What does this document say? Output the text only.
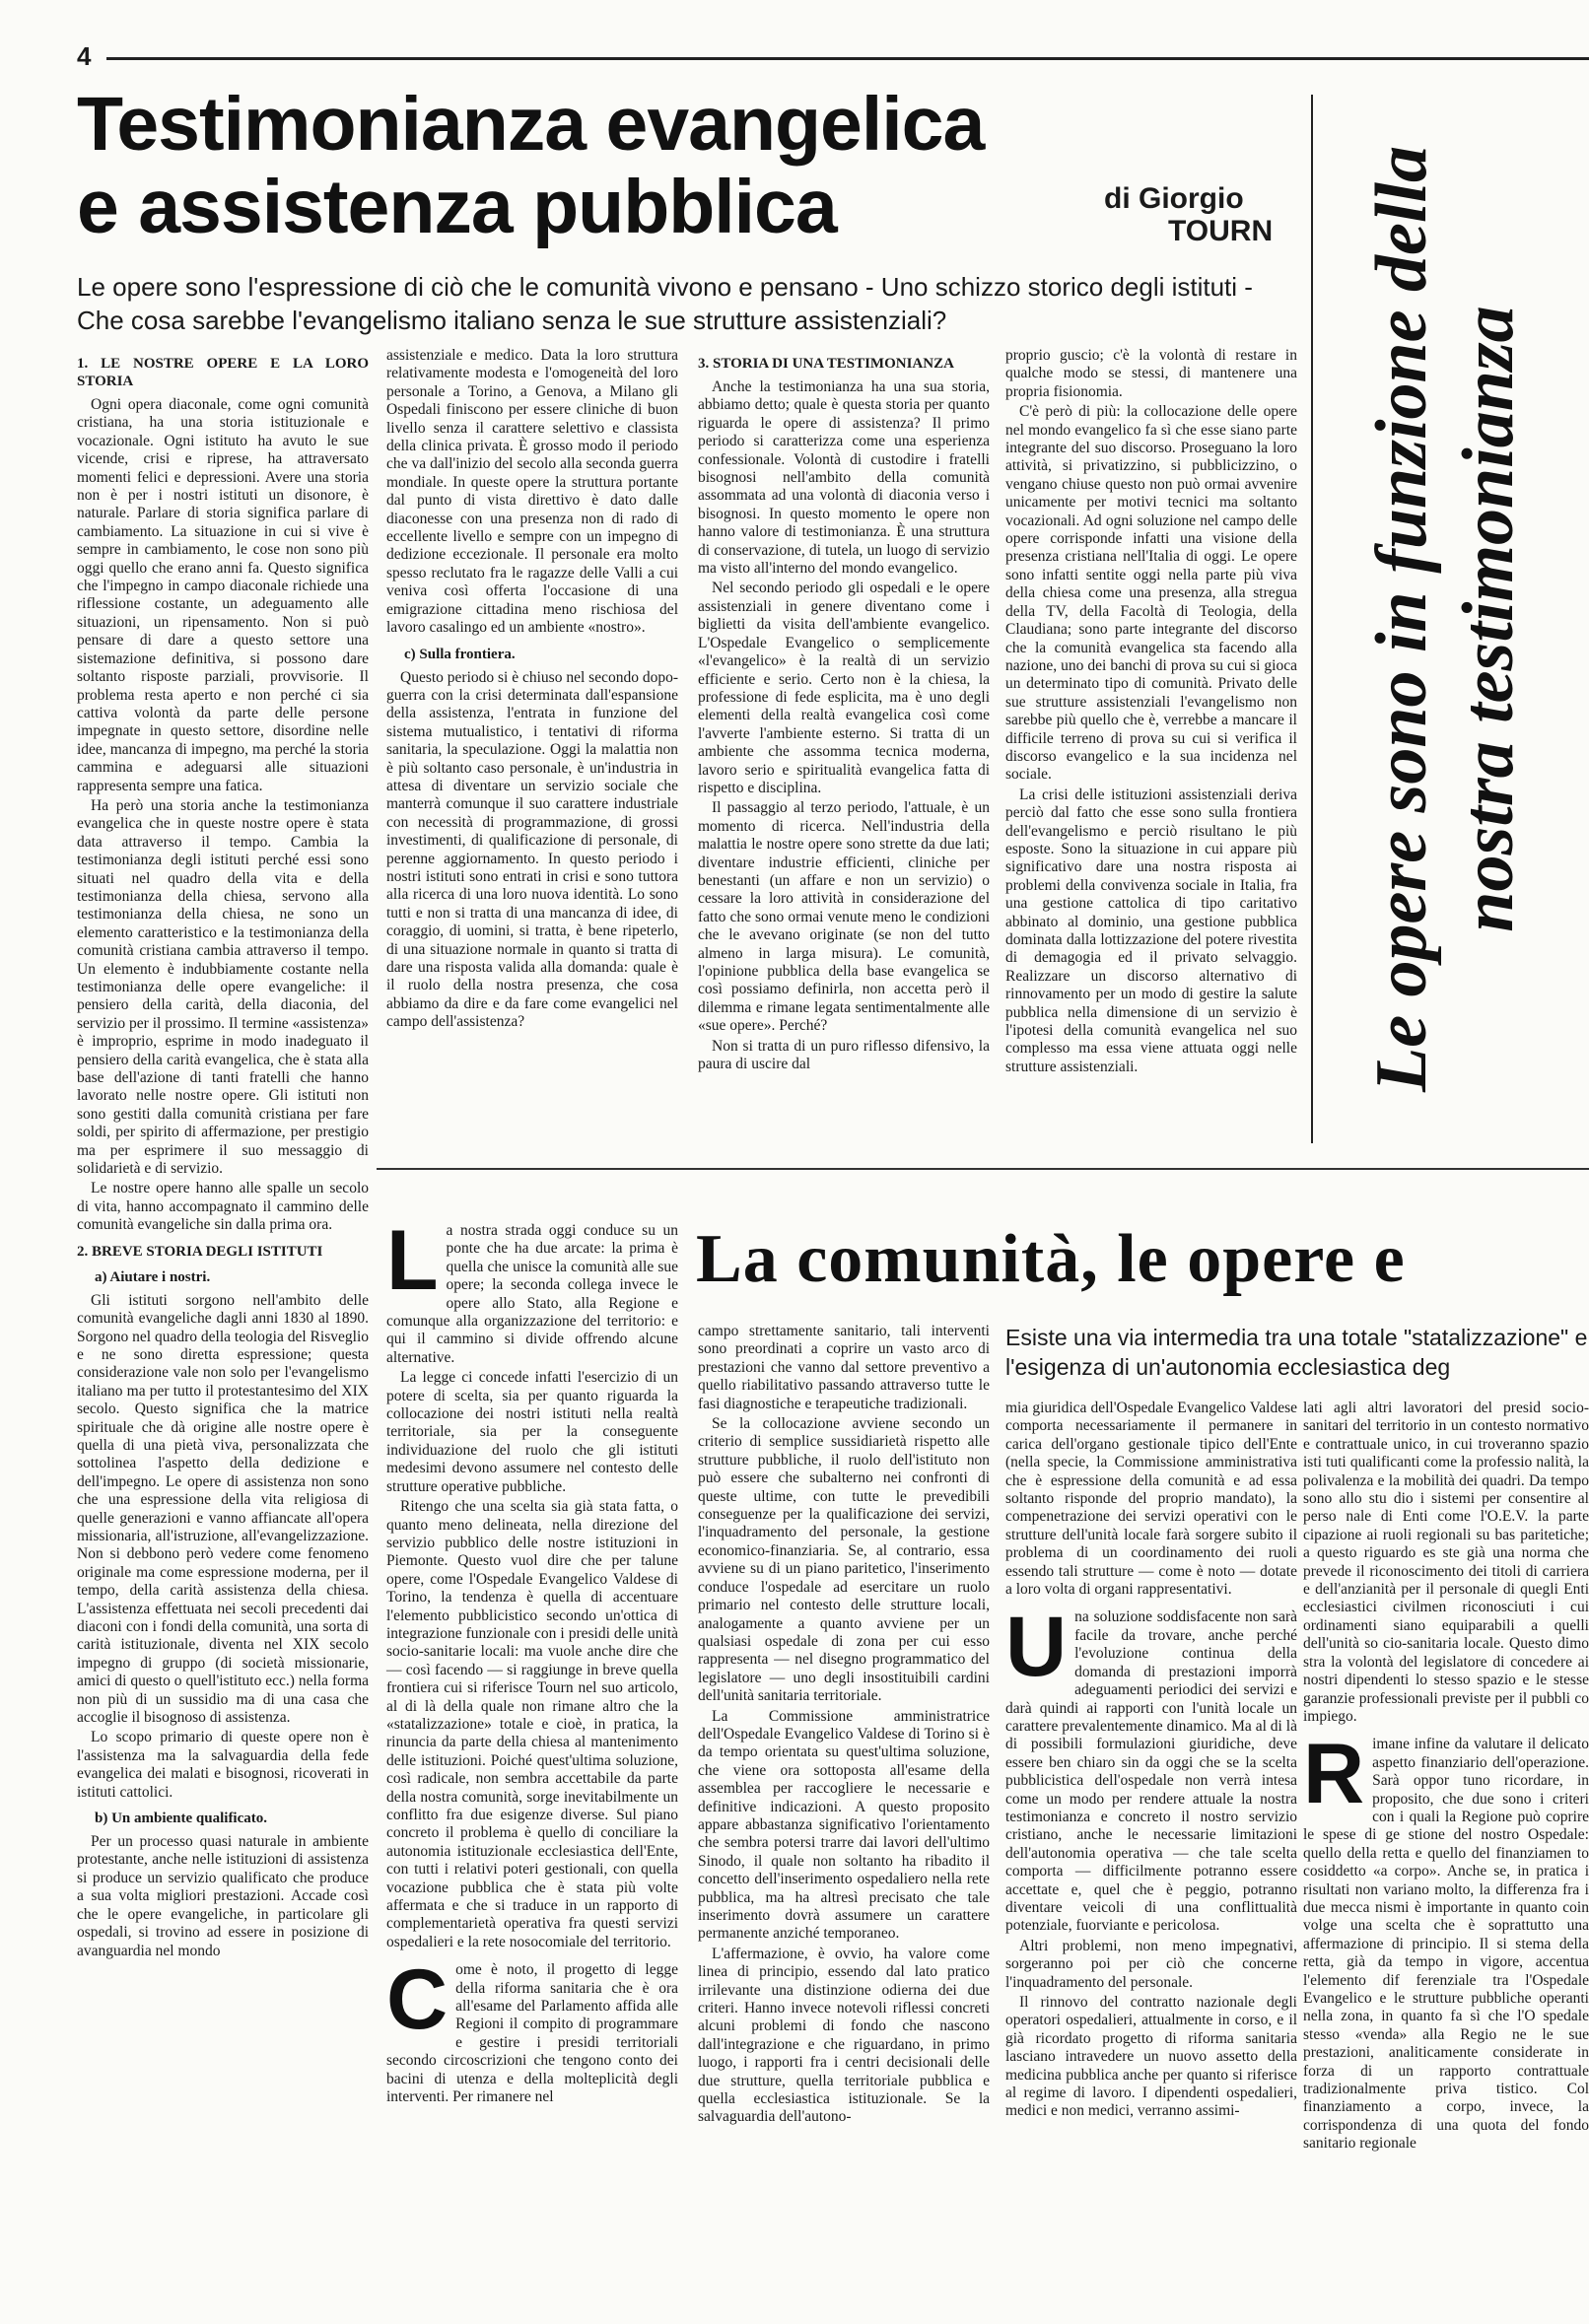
4
Testimonianza evangelica e assistenza pubblica	di Giorgio
TOURN
Le opere sono l'espressione di ciò che le comunità vivono e pensano - Uno schizzo storico degli istituti - Che cosa sarebbe l'evangelismo italiano senza le sue strutture assistenziali?	Le opere sono in funzione della nostra testimonianza
1. LE NOSTRE OPERE E LA LORO STORIA

Ogni opera diaconale, come ogni comunità cristiana, ha una storia istituzionale e vocazionale. Ogni istituto ha avuto le sue vicende, crisi e riprese, ha attraversato momenti felici e depressioni. Avere una storia non è per i nostri istituti un disonore, è naturale. Parlare di storia significa parlare di cambiamento. La situazione in cui si vive è sempre in cambiamento, le cose non sono più oggi quello che erano anni fa. Questo significa che l'impegno in campo diaconale richiede una riflessione costante, un adeguamento alle situazioni, un ripensamento. Non si può pensare di dare a questo settore una sistemazione definitiva, si possono dare soltanto risposte parziali, provvisorie. Il problema resta aperto e non perché ci sia cattiva volontà da parte delle persone impegnate in questo settore, disordine nelle idee, mancanza di impegno, ma perché la storia cammina e adeguarsi alle situazioni rappresenta sempre una fatica.

Ha però una storia anche la testimonianza evangelica che in queste nostre opere è stata data attraverso il tempo. Cambia la testimonianza degli istituti perché essi sono situati nel quadro della vita e della testimonianza della chiesa, servono alla testimonianza della chiesa, ne sono un elemento caratteristico e la testimonianza della comunità cristiana cambia attraverso il tempo. Un elemento è indubbiamente costante nella testimonianza delle opere evangeliche: il pensiero della carità, della diaconia, del servizio per il prossimo. Il termine «assistenza» è improprio, esprime in modo inadeguato il pensiero della carità evangelica, che è stata alla base dell'azione di tanti fratelli che hanno lavorato nelle nostre opere. Gli istituti non sono gestiti dalla comunità cristiana per fare soldi, per spirito di affermazione, per prestigio ma per esprimere il suo messaggio di solidarietà e di servizio.

Le nostre opere hanno alle spalle un secolo di vita, hanno accompagnato il cammino delle comunità evangeliche sin dalla prima ora.

2. BREVE STORIA DEGLI ISTITUTI
a) Aiutare i nostri.

Gli istituti sorgono nell'ambito delle comunità evangeliche dagli anni 1830 al 1890. Sorgono nel quadro della teologia del Risveglio e ne sono diretta espressione; questa considerazione vale non solo per l'evangelismo italiano ma per tutto il protestantesimo del XIX secolo. Questo significa che la matrice spirituale che dà origine alle nostre opere è quella di una pietà viva, personalizzata che sottolinea l'aspetto della dedizione e dell'impegno. Le opere di assistenza non sono che una espressione della vita religiosa di quelle generazioni e vanno affiancate all'opera missionaria, all'istruzione, all'evangelizzazione. Non si debbono però vedere come fenomeno originale ma come espressione moderna, per il tempo, della carità assistenza della chiesa. L'assistenza effettuata nei secoli precedenti dai diaconi con i fondi della comunità, una sorta di carità istituzionale, diventa nel XIX secolo impegno di gruppo (di società missionarie, amici di questo o quell'istituto ecc.) nella forma non più di un sussidio ma di una casa che accoglie il bisognoso di assistenza.

Lo scopo primario di queste opere non è l'assistenza ma la salvaguardia della fede evangelica dei malati e bisognosi, ricoverati in istituti cattolici.

b) Un ambiente qualificato.

Per un processo quasi naturale in ambiente protestante, anche nelle istituzioni di assistenza si produce un servizio qualificato che produce a sua volta migliori prestazioni. Accade così che le opere evangeliche, in particolare gli ospedali, si trovino ad essere in posizione di avanguardia nel mondo

assistenziale e medico. Data la loro struttura relativamente modesta e l'omogeneità del loro personale a Torino, a Genova, a Milano gli Ospedali finiscono per essere cliniche di buon livello senza il carattere selettivo e classista della clinica privata. È grosso modo il periodo che va dall'inizio del secolo alla seconda guerra mondiale. In queste opere la struttura portante dal punto di vista direttivo è dato dalle diaconesse con una presenza non di rado di eccellente livello e sempre con un impegno di dedizione eccezionale. Il personale era molto spesso reclutato fra le ragazze delle Valli a cui veniva così offerta l'occasione di una emigrazione cittadina meno rischiosa del lavoro casalingo ed un ambiente «nostro».

c) Sulla frontiera.

Questo periodo si è chiuso nel secondo dopo-guerra con la crisi determinata dall'espansione della assistenza, l'entrata in funzione del sistema mutualistico, i tentativi di riforma sanitaria, la speculazione. Oggi la malattia non è più soltanto caso personale, è un'industria in attesa di diventare un servizio sociale che manterrà comunque il suo carattere industriale con necessità di programmazione, di grossi investimenti, di qualificazione di personale, di perenne aggiornamento. In questo periodo i nostri istituti sono entrati in crisi e sono tuttora alla ricerca di una loro nuova identità. Lo sono tutti e non si tratta di una mancanza di idee, di coraggio, di uomini, si tratta, è bene ripeterlo, di una situazione normale in quanto si tratta di dare una risposta valida alla domanda: quale è il ruolo della nostra presenza, che cosa abbiamo da dire e da fare come evangelici nel campo dell'assistenza?

3. STORIA DI UNA TESTIMONIANZA

Anche la testimonianza ha una sua storia, abbiamo detto; quale è questa storia per quanto riguarda le opere di assistenza? Il primo periodo si caratterizza come una esperienza confessionale. Volontà di custodire i fratelli bisognosi nell'ambito della comunità assommata ad una volontà di diaconia verso i bisognosi. In questo momento le opere non hanno valore di testimonianza. È una struttura di conservazione, di tutela, un luogo di servizio ma visto all'interno del mondo evangelico.

Nel secondo periodo gli ospedali e le opere assistenziali in genere diventano come i biglietti da visita dell'ambiente evangelico. L'Ospedale Evangelico o semplicemente «l'evangelico» è la realtà di un servizio efficiente e serio. Certo non è la chiesa, la professione di fede esplicita, ma è uno degli elementi della realtà evangelica così come l'avverte l'ambiente esterno. Si tratta di un ambiente che assomma tecnica moderna, lavoro serio e spiritualità evangelica fatta di rispetto e disciplina.

Il passaggio al terzo periodo, l'attuale, è un momento di ricerca. Nell'industria della malattia le nostre opere sono strette da due lati; diventare industrie efficienti, cliniche per benestanti (un affare e non un servizio) o cessare la loro attività in considerazione del fatto che sono ormai venute meno le condizioni che le avevano originate (se non del tutto almeno in larga misura). Le comunità, l'opinione pubblica della base evangelica se così possiamo definirla, non accetta però il dilemma e rimane legata sentimentalmente alle «sue opere». Perché?

Non si tratta di un puro riflesso difensivo, la paura di uscire dal

proprio guscio; c'è la volontà di restare in qualche modo se stessi, di mantenere una propria fisionomia.

C'è però di più: la collocazione delle opere nel mondo evangelico fa sì che esse siano parte integrante del suo discorso. Proseguano la loro attività, si privatizzino, si pubblicizzino, o vengano chiuse questo non può ormai avvenire unicamente per motivi tecnici ma soltanto vocazionali. Ad ogni soluzione nel campo delle opere corrisponde infatti una visione della presenza cristiana nell'Italia di oggi. Le opere sono infatti sentite oggi nella parte più viva della chiesa come una presenza, alla stregua della TV, della Facoltà di Teologia, della Claudiana; sono parte integrante del discorso che la comunità evangelica sta facendo alla nazione, uno dei banchi di prova su cui si gioca un determinato tipo di comunità. Privato delle sue strutture assistenziali l'evangelismo non sarebbe più quello che è, verrebbe a mancare il difficile terreno di prova su cui si verifica il discorso evangelico e la sua incidenza nel sociale.

La crisi delle istituzioni assistenziali deriva perciò dal fatto che esse sono sulla frontiera dell'evangelismo e perciò risultano le più esposte. Sono la situazione in cui appare più significativo dare una nostra risposta ai problemi della convivenza sociale in Italia, fra una gestione cattolica di tipo caritativo abbinato al dominio, una gestione pubblica dominata dalla lottizzazione del potere rivestita di demagogia ed il privato selvaggio. Realizzare un discorso alternativo di rinnovamento per un modo di gestire la salute pubblica nella dimensione di un servizio è l'ipotesi della comunità evangelica nel suo complesso ma essa viene attuata oggi nelle strutture assistenziali.

La comunità, le opere e
Esiste una via intermedia tra una totale "statalizzazione" e l'esigenza di un'autonomia ecclesiastica deg

La nostra strada oggi conduce su un ponte che ha due arcate: la prima è quella che unisce la comunità alle sue opere; la seconda collega invece le opere allo Stato, alla Regione e comunque alla organizzazione del territorio: e qui il cammino si divide offrendo alcune alternative.

La legge ci concede infatti l'esercizio di un potere di scelta, sia per quanto riguarda la collocazione dei nostri istituti nella realtà territoriale, sia per la conseguente individuazione del ruolo che gli istituti medesimi devono assumere nel contesto delle strutture operative pubbliche.

Ritengo che una scelta sia già stata fatta, o quanto meno delineata, nella direzione del servizio pubblico delle nostre istituzioni in Piemonte. Questo vuol dire che per talune opere, come l'Ospedale Evangelico Valdese di Torino, la tendenza è quella di accentuare l'elemento pubblicistico secondo un'ottica di integrazione funzionale con i presidi delle unità socio-sanitarie locali: ma vuole anche dire che — così facendo — si raggiunge in breve quella frontiera cui si riferisce Tourn nel suo articolo, al di là della quale non rimane altro che la «statalizzazione» totale e cioè, in pratica, la rinuncia da parte della chiesa al mantenimento delle istituzioni. Poiché quest'ultima soluzione, così radicale, non sembra accettabile da parte della nostra comunità, sorge inevitabilmente un conflitto fra due esigenze diverse. Sul piano concreto il problema è quello di conciliare la autonomia istituzionale ecclesiastica dell'Ente, con tutti i relativi poteri gestionali, con quella vocazione pubblica che è stata più volte affermata e che si traduce in un rapporto di complementarietà operativa fra questi servizi ospedalieri e la rete nosocomiale del territorio.

Come è noto, il progetto di legge della riforma sanitaria che è ora all'esame del Parlamento affida alle Regioni il compito di programmare e gestire i presidi territoriali secondo circoscrizioni che tengono conto dei bacini di utenza e della molteplicità degli interventi. Per rimanere nel

campo strettamente sanitario, tali interventi sono preordinati a coprire un vasto arco di prestazioni che vanno dal settore preventivo a quello riabilitativo passando attraverso tutte le fasi diagnostiche e terapeutiche tradizionali.

Se la collocazione avviene secondo un criterio di semplice sussidiarietà rispetto alle strutture pubbliche, il ruolo dell'istituto non può essere che subalterno nei confronti di queste ultime, con tutte le prevedibili conseguenze per la qualificazione dei servizi, l'inquadramento del personale, la gestione economico-finanziaria. Se, al contrario, essa avviene su di un piano paritetico, l'inserimento conduce l'ospedale ad esercitare un ruolo primario nel contesto delle strutture locali, analogamente a quanto avviene per un qualsiasi ospedale di zona per cui esso rappresenta — nel disegno programmatico del legislatore — uno degli insostituibili cardini dell'unità sanitaria territoriale.

La Commissione amministratrice dell'Ospedale Evangelico Valdese di Torino si è da tempo orientata su quest'ultima soluzione, che viene ora sottoposta all'esame della assemblea per raccogliere le necessarie e definitive indicazioni. A questo proposito appare abbastanza significativo l'orientamento che sembra potersi trarre dai lavori dell'ultimo Sinodo, il quale non soltanto ha ribadito il concetto dell'inserimento ospedaliero nella rete pubblica, ma ha altresì precisato che tale inserimento dovrà assumere un carattere permanente anziché temporaneo.

L'affermazione, è ovvio, ha valore come linea di principio, essendo dal lato pratico irrilevante una distinzione odierna dei due criteri. Hanno invece notevoli riflessi concreti alcuni problemi di fondo che nascono dall'integrazione e che riguardano, in primo luogo, i rapporti fra i centri decisionali delle due strutture, quella territoriale pubblica e quella ecclesiastica istituzionale. Se la salvaguardia dell'autono-

mia giuridica dell'Ospedale Evangelico Valdese comporta necessariamente il permanere in carica dell'organo gestionale tipico dell'Ente (nella specie, la Commissione amministrativa che è espressione della comunità e ad essa soltanto risponde del proprio mandato), la compenetrazione dei servizi operativi con le strutture dell'unità locale farà sorgere subito il problema di un coordinamento dei ruoli essendo tali strutture — come è noto — dotate a loro volta di organi rappresentativi.

Una soluzione soddisfacente non sarà facile da trovare, anche perché l'evoluzione continua della domanda di prestazioni imporrà adeguamenti periodici dei servizi e darà quindi ai rapporti con l'unità locale un carattere prevalentemente dinamico. Ma al di là di possibili formulazioni giuridiche, deve essere ben chiaro sin da oggi che se la scelta pubblicistica dell'ospedale non verrà intesa come un modo per rendere attuale la nostra testimonianza e concreto il nostro servizio cristiano, anche le necessarie limitazioni dell'autonomia operativa — che tale scelta comporta — difficilmente potranno essere accettate e, quel che è peggio, potranno diventare veicoli di una conflittualità potenziale, fuorviante e pericolosa.

Altri problemi, non meno impegnativi, sorgeranno poi per ciò che concerne l'inquadramento del personale.

Il rinnovo del contratto nazionale degli operatori ospedalieri, attualmente in corso, e il già ricordato progetto di riforma sanitaria lasciano intravedere un nuovo assetto della medicina pubblica anche per quanto si riferisce al regime di lavoro. I dipendenti ospedalieri, medici e non medici, verranno assimi-

lati agli altri lavoratori del presid socio-sanitari del territorio in un contesto normativo e contrattuale unico, in cui troveranno spazio isti tuti qualificanti come la professio nalità, la polivalenza e la mobilità dei quadri. Da tempo sono allo stu dio i sistemi per consentire al perso nale di Enti come l'O.E.V. la parte cipazione ai ruoli regionali su bas paritetiche; a questo riguardo es ste già una norma che prevede il riconoscimento dei titoli di carriera e dell'anzianità per il personale di quegli Enti ecclesiastici civilmen riconosciuti i cui ordinamenti siano equiparabili a quelli dell'unità so cio-sanitaria locale. Questo dimo stra la volontà del legislatore di concedere ai nostri dipendenti lo stesso spazio e le stesse garanzie professionali previste per il pubbli co impiego.

Rimane infine da valutare il delicato aspetto finanziario dell'operazione. Sarà oppor tuno ricordare, in proposito, che due sono i criteri con i quali la Regione può coprire le spese di ge stione del nostro Ospedale: quello della retta e quello del finanziamen to cosiddetto «a corpo». Anche se, in pratica i risultati non variano molto, la differenza fra i due mecca nismi è importante in quanto coin volge una scelta che è soprattutto una affermazione di principio. Il si stema della retta, già da tempo in vigore, accentua l'elemento dif ferenziale tra l'Ospedale Evangelico e le strutture pubbliche operanti nella zona, in quanto fa sì che l'O spedale stesso «venda» alla Regio ne le sue prestazioni, analiticamente considerate in forza di un rapporto contrattuale tradizionalmente priva tistico. Col finanziamento a corpo, invece, la corrispondenza di una quota del fondo sanitario regionale
